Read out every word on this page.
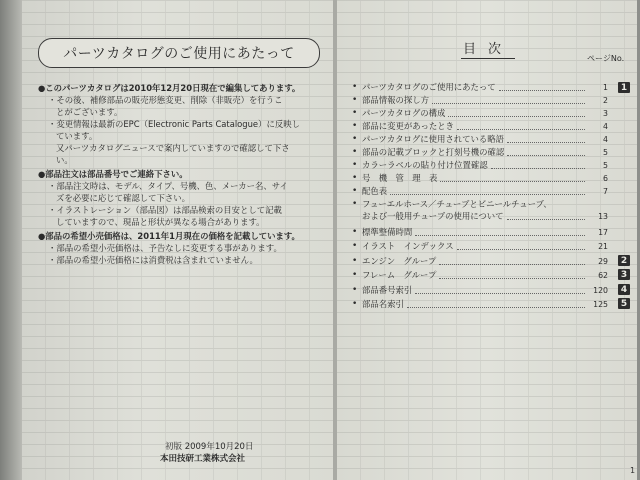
パーツカタログのご使用にあたって
●このパーツカタログは2010年12月20日現在で編集してあります。
・その後、補修部品の販売形態変更、削除（非販売）を行うこ
とがございます。
・変更情報は最新のEPC（Electronic Parts Catalogue）に反映し
ています。
又パーツカタログニュースで案内していますので確認して下さ
い。
●部品注文は部品番号でご連絡下さい。
・部品注文時は、モデル、タイプ、号機、色、メーカー名、サイ
ズを必要に応じて確認して下さい。
・イラストレーション（部品図）は部品検索の目安として記載
していますので、現品と形状が異なる場合があります。
●部品の希望小売価格は、2011年1月現在の価格を記載しています。
・部品の希望小売価格は、予告なしに変更する事があります。
・部品の希望小売価格には消費税は含まれていません。
初版 2009年10月20日
本田技研工業株式会社
目次
ページNo.
• パーツカタログのご使用にあたって	1
• 部品情報の探し方	2
• パーツカタログの構成	3
• 部品に変更があったとき	4
• パーツカタログに使用されている略語	4
• 部品の記載ブロックと打刻号機の確認	5
• カラーラベルの貼り付け位置確認	5
• 号　機　管　理　表	6
• 配色表	7
• フューエルホース／チューブとビニールチューブ、
および一般用チューブの使用について	13
• 標準整備時間	17
• イラスト　インデックス	21
• エンジン　グループ	29
• フレーム　グループ	62
• 部品番号索引	120
• 部品名索引	125
1
2
3
4
5
1
